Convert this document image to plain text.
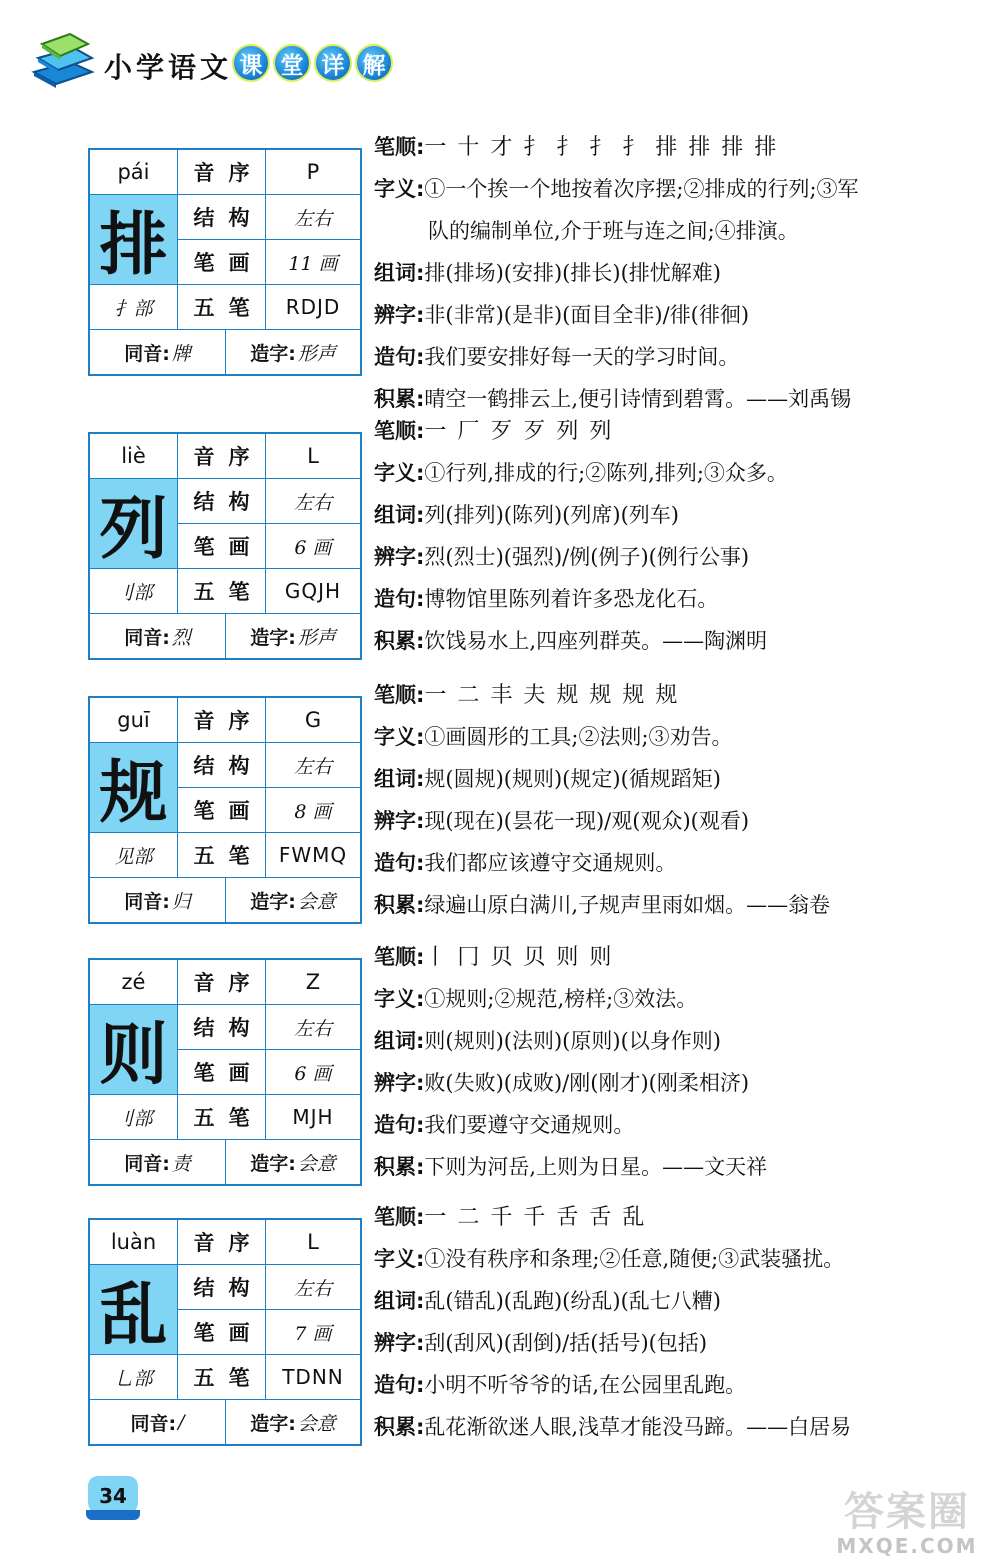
小学语文 课 堂 详 解
pái	音序	P
排	结构	左右
笔画	11 画
扌部	五笔	RDJD
同音: 牌	造字: 形声
笔顺:一 十 才 扌 扌 扌 扌 排 排 排 排
字义:①一个挨一个地按着次序摆;②排成的行列;③军
队的编制单位,介于班与连之间;④排演。
组词:排(排场)(安排)(排长)(排忧解难)
辨字:非(非常)(是非)(面目全非)/徘(徘徊)
造句:我们要安排好每一天的学习时间。
积累:晴空一鹤排云上,便引诗情到碧霄。——刘禹锡
liè	音序	L
列	结构	左右
笔画	6 画
刂部	五笔	GQJH
同音: 烈	造字: 形声
笔顺:一 厂 歹 歹 列 列
字义:①行列,排成的行;②陈列,排列;③众多。
组词:列(排列)(陈列)(列席)(列车)
辨字:烈(烈士)(强烈)/例(例子)(例行公事)
造句:博物馆里陈列着许多恐龙化石。
积累:饮饯易水上,四座列群英。——陶渊明
guī	音序	G
规	结构	左右
笔画	8 画
见部	五笔 FWMQ
同音: 归	造字: 会意
笔顺:一 二 丰 夫 规 规 规 规
字义:①画圆形的工具;②法则;③劝告。
组词:规(圆规)(规则)(规定)(循规蹈矩)
辨字:现(现在)(昙花一现)/观(观众)(观看)
造句:我们都应该遵守交通规则。
积累:绿遍山原白满川,子规声里雨如烟。——翁卷
zé	音序	Z
则	结构	左右
笔画	6 画
刂部	五笔	MJH
同音: 责	造字: 会意
笔顺:丨 冂 贝 贝 则 则
字义:①规则;②规范,榜样;③效法。
组词:则(规则)(法则)(原则)(以身作则)
辨字:败(失败)(成败)/刚(刚才)(刚柔相济)
造句:我们要遵守交通规则。
积累:下则为河岳,上则为日星。——文天祥
luàn	音序	L
乱	结构	左右
笔画	7 画
乚部	五笔 TDNN
同音: /	造字: 会意
笔顺:一 二 千 千 舌 舌 乱
字义:①没有秩序和条理;②任意,随便;③武装骚扰。
组词:乱(错乱)(乱跑)(纷乱)(乱七八糟)
辨字:刮(刮风)(刮倒)/括(括号)(包括)
造句:小明不听爷爷的话,在公园里乱跑。
积累:乱花渐欲迷人眼,浅草才能没马蹄。——白居易
34	答案圈
MXQE.COM
